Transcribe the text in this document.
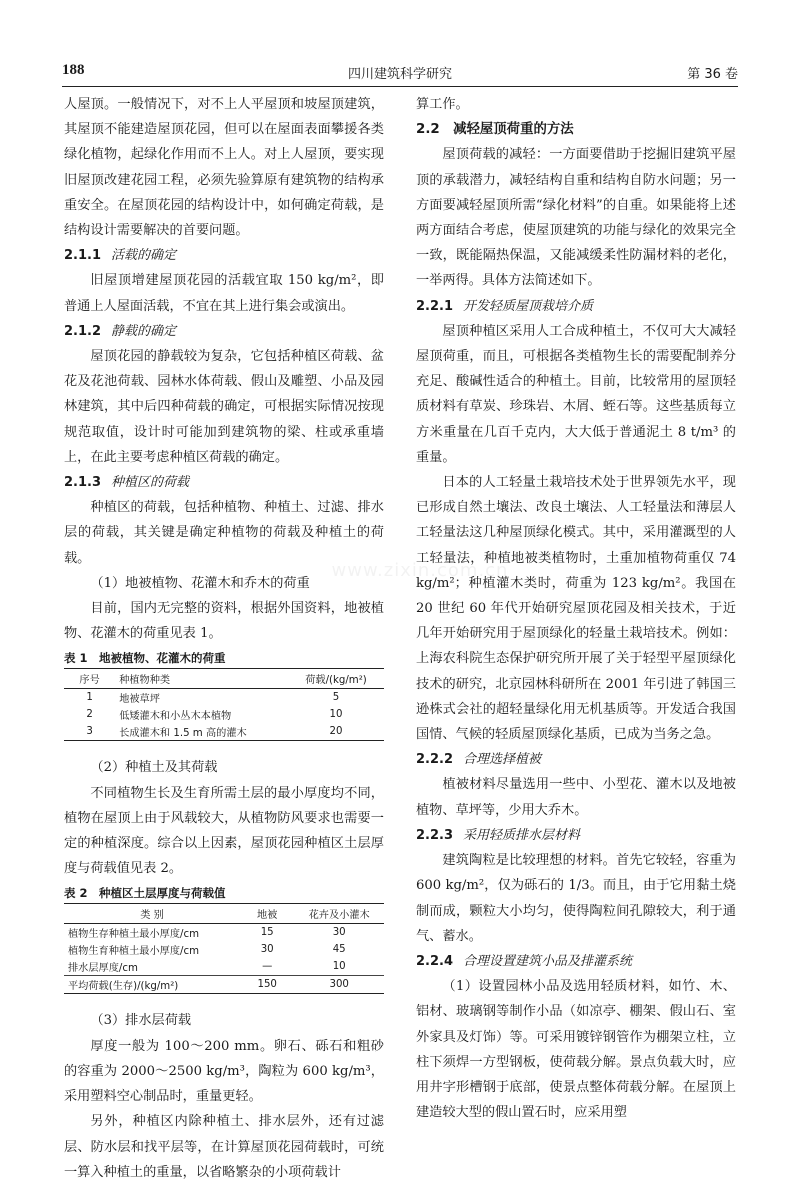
188	四川建筑科学研究	第 36 卷
www.zixin.com.cn

人屋顶。一般情况下，对不上人平屋顶和坡屋顶建筑，其屋顶不能建造屋顶花园，但可以在屋面表面攀援各类绿化植物，起绿化作用而不上人。对上人屋顶，要实现旧屋顶改建花园工程，必须先验算原有建筑物的结构承重安全。在屋顶花园的结构设计中，如何确定荷载，是结构设计需要解决的首要问题。

2.1.1 活载的确定

旧屋顶增建屋顶花园的活载宜取 150 kg/m²，即普通上人屋面活载，不宜在其上进行集会或演出。

2.1.2 静载的确定

屋顶花园的静载较为复杂，它包括种植区荷载、盆花及花池荷载、园林水体荷载、假山及雕塑、小品及园林建筑，其中后四种荷载的确定，可根据实际情况按现规范取值，设计时可能加到建筑物的梁、柱或承重墙上，在此主要考虑种植区荷载的确定。

2.1.3 种植区的荷载

种植区的荷载，包括种植物、种植土、过滤、排水层的荷载，其关键是确定种植物的荷载及种植土的荷载。

（1）地被植物、花灌木和乔木的荷重

目前，国内无完整的资料，根据外国资料，地被植物、花灌木的荷重见表 1。

表 1　地被植物、花灌木的荷重
序号	种植物种类	荷载/(kg/m²)
1	地被草坪	5
2	低矮灌木和小丛木本植物	10
3	长成灌木和 1.5 m 高的灌木	20

（2）种植土及其荷载

不同植物生长及生育所需土层的最小厚度均不同，植物在屋顶上由于风载较大，从植物防风要求也需要一定的种植深度。综合以上因素，屋顶花园种植区土层厚度与荷载值见表 2。

表 2　种植区土层厚度与荷载值
类 别	地被	花卉及小灌木
植物生存种植土最小厚度/cm	15	30
植物生育种植土最小厚度/cm	30	45
排水层厚度/cm	—	10
平均荷载(生存)/(kg/m²)	150	300

（3）排水层荷载

厚度一般为 100～200 mm。卵石、砾石和粗砂的容重为 2000～2500 kg/m³，陶粒为 600 kg/m³，采用塑料空心制品时，重量更轻。

另外，种植区内除种植土、排水层外，还有过滤层、防水层和找平层等，在计算屋顶花园荷载时，可统一算入种植土的重量，以省略繁杂的小项荷载计

算工作。

2.2　减轻屋顶荷重的方法

屋顶荷载的减轻：一方面要借助于挖掘旧建筑平屋顶的承载潜力，减轻结构自重和结构自防水问题；另一方面要减轻屋顶所需“绿化材料”的自重。如果能将上述两方面结合考虑，使屋顶建筑的功能与绿化的效果完全一致，既能隔热保温，又能减缓柔性防漏材料的老化，一举两得。具体方法简述如下。

2.2.1 开发轻质屋顶栽培介质

屋顶种植区采用人工合成种植土，不仅可大大减轻屋顶荷重，而且，可根据各类植物生长的需要配制养分充足、酸碱性适合的种植土。目前，比较常用的屋顶轻质材料有草炭、珍珠岩、木屑、蛭石等。这些基质每立方米重量在几百千克内，大大低于普通泥土 8 t/m³ 的重量。

日本的人工轻量土栽培技术处于世界领先水平，现已形成自然土壤法、改良土壤法、人工轻量法和薄层人工轻量法这几种屋顶绿化模式。其中，采用灌溉型的人工轻量法，种植地被类植物时，土重加植物荷重仅 74 kg/m²；种植灌木类时，荷重为 123 kg/m²。我国在 20 世纪 60 年代开始研究屋顶花园及相关技术，于近几年开始研究用于屋顶绿化的轻量土栽培技术。例如：上海农科院生态保护研究所开展了关于轻型平屋顶绿化技术的研究，北京园林科研所在 2001 年引进了韩国三逊株式会社的超轻量绿化用无机基质等。开发适合我国国情、气候的轻质屋顶绿化基质，已成为当务之急。

2.2.2 合理选择植被

植被材料尽量选用一些中、小型花、灌木以及地被植物、草坪等，少用大乔木。

2.2.3 采用轻质排水层材料

建筑陶粒是比较理想的材料。首先它较轻，容重为 600 kg/m²，仅为砾石的 1/3。而且，由于它用黏土烧制而成，颗粒大小均匀，使得陶粒间孔隙较大，利于通气、蓄水。

2.2.4 合理设置建筑小品及排灌系统

（1）设置园林小品及选用轻质材料，如竹、木、铝材、玻璃钢等制作小品（如凉亭、棚架、假山石、室外家具及灯饰）等。可采用镀锌钢管作为棚架立柱，立柱下须焊一方型钢板，使荷载分解。景点负载大时，应用井字形槽钢于底部，使景点整体荷载分解。在屋顶上建造较大型的假山置石时，应采用塑
